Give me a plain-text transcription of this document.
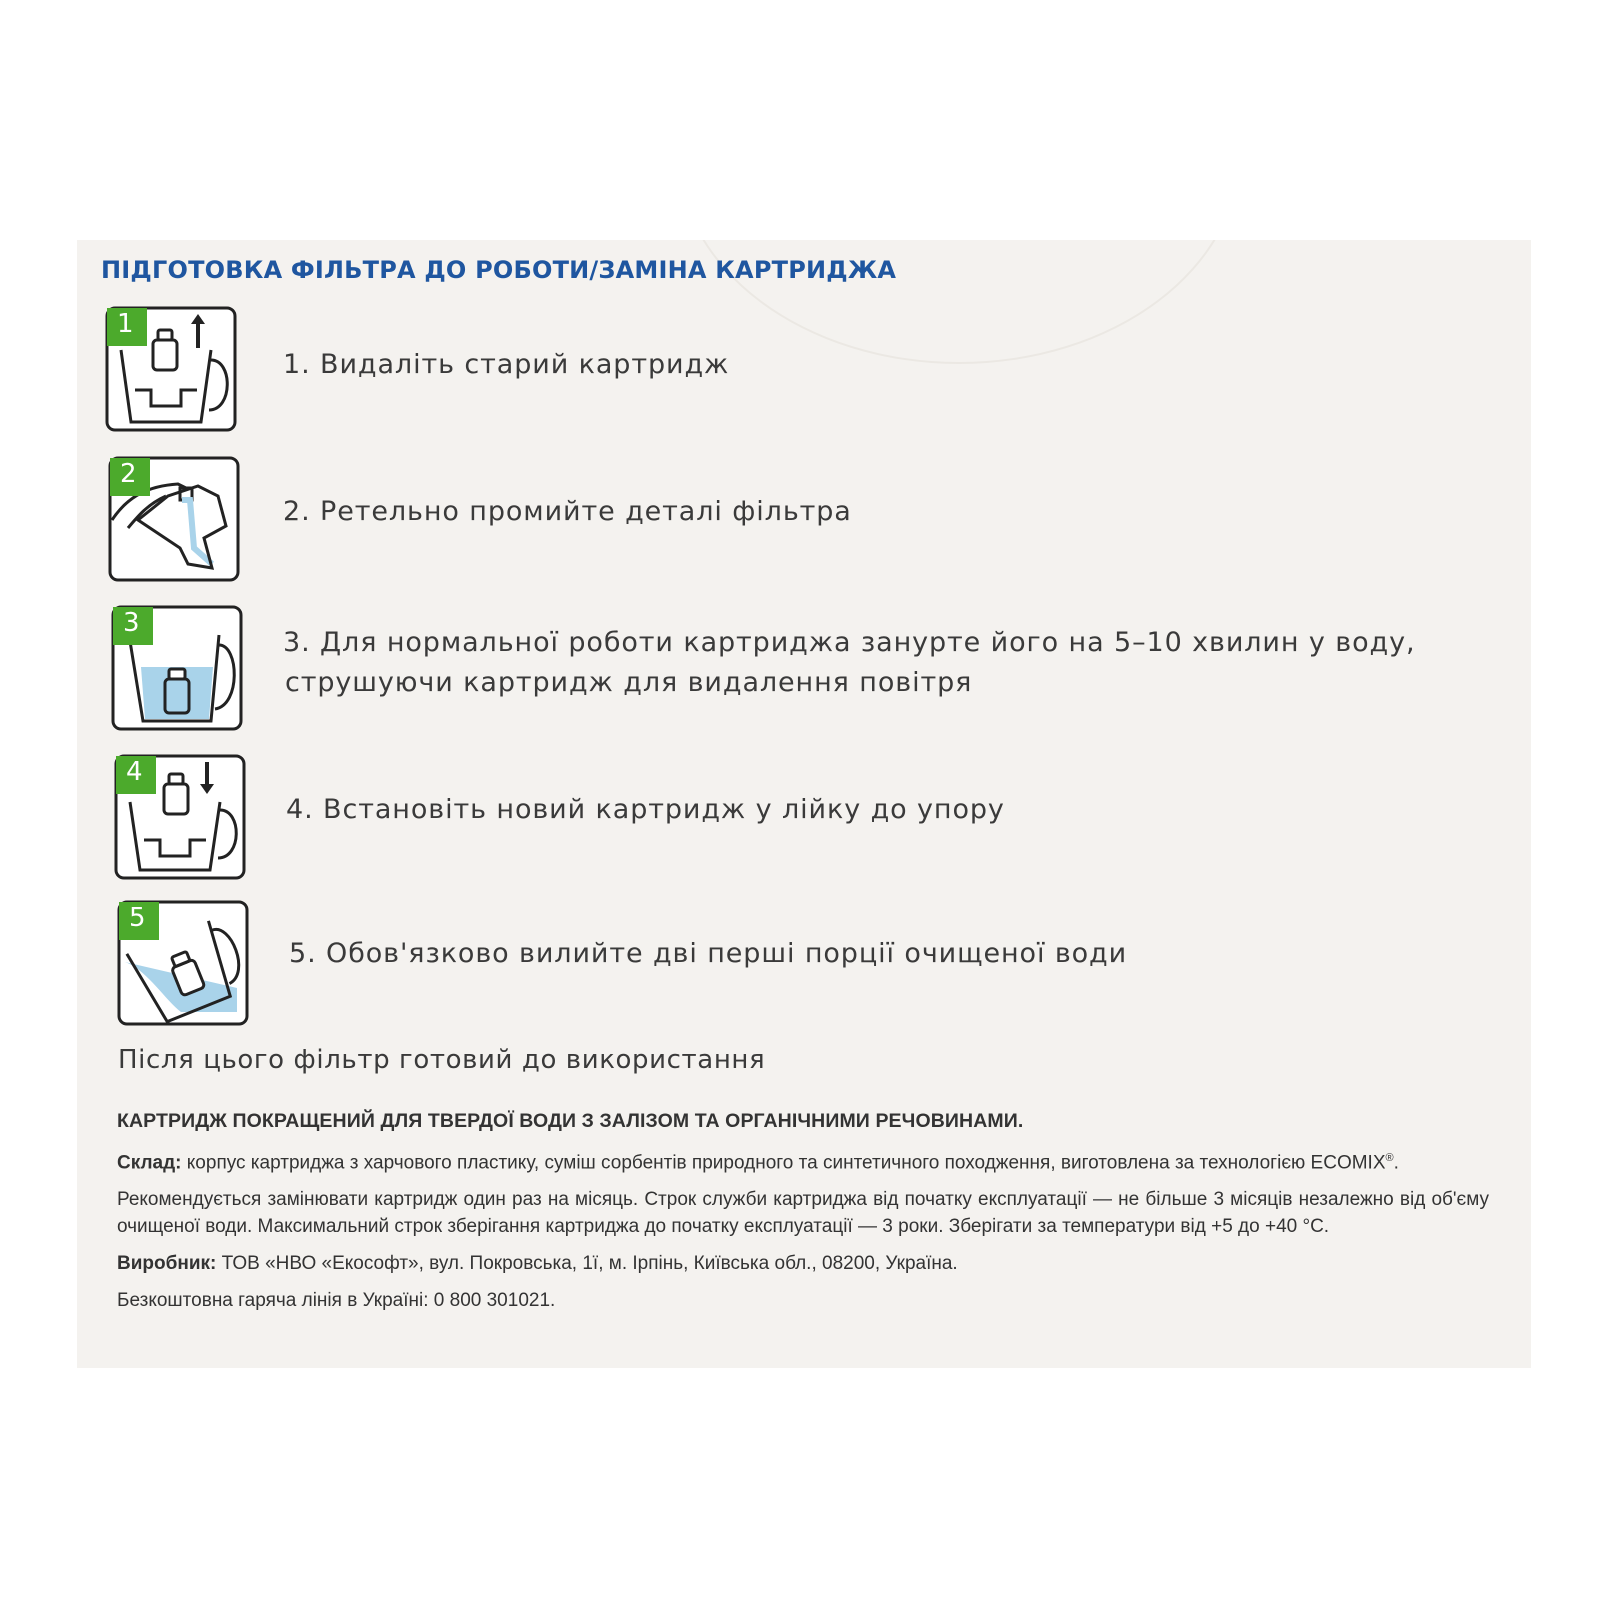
ПІДГОТОВКА ФІЛЬТРА ДО РОБОТИ/ЗАМІНА КАРТРИДЖА
1. Видаліть старий картридж
1
2. Ретельно промийте деталі фільтра
2
3. Для нормальної роботи картриджа занурте його на 5–10 хвилин у воду,
струшуючи картридж для видалення повітря
3
4. Встановіть новий картридж у лійку до упору
4
5. Обов'язково вилийте дві перші порції очищеної води
5
Після цього фільтр готовий до використання
КАРТРИДЖ ПОКРАЩЕНИЙ ДЛЯ ТВЕРДОЇ ВОДИ З ЗАЛІЗОМ ТА ОРГАНІЧНИМИ РЕЧОВИНАМИ.

Склад: корпус картриджа з харчового пластику, суміш сорбентів природного та синтетичного походження, виготовлена за технологією ECOMIX®.

Рекомендується замінювати картридж один раз на місяць. Строк служби картриджа від початку експлуатації — не більше 3 місяців незалежно від об'єму очищеної води. Максимальний строк зберігання картриджа до початку експлуатації — 3 роки. Зберігати за температури від +5 до +40 °С.

Виробник: ТОВ «НВО «Екософт», вул. Покровська, 1ї, м. Ірпінь, Київська обл., 08200, Україна.

Безкоштовна гаряча лінія в Україні: 0 800 301021.
